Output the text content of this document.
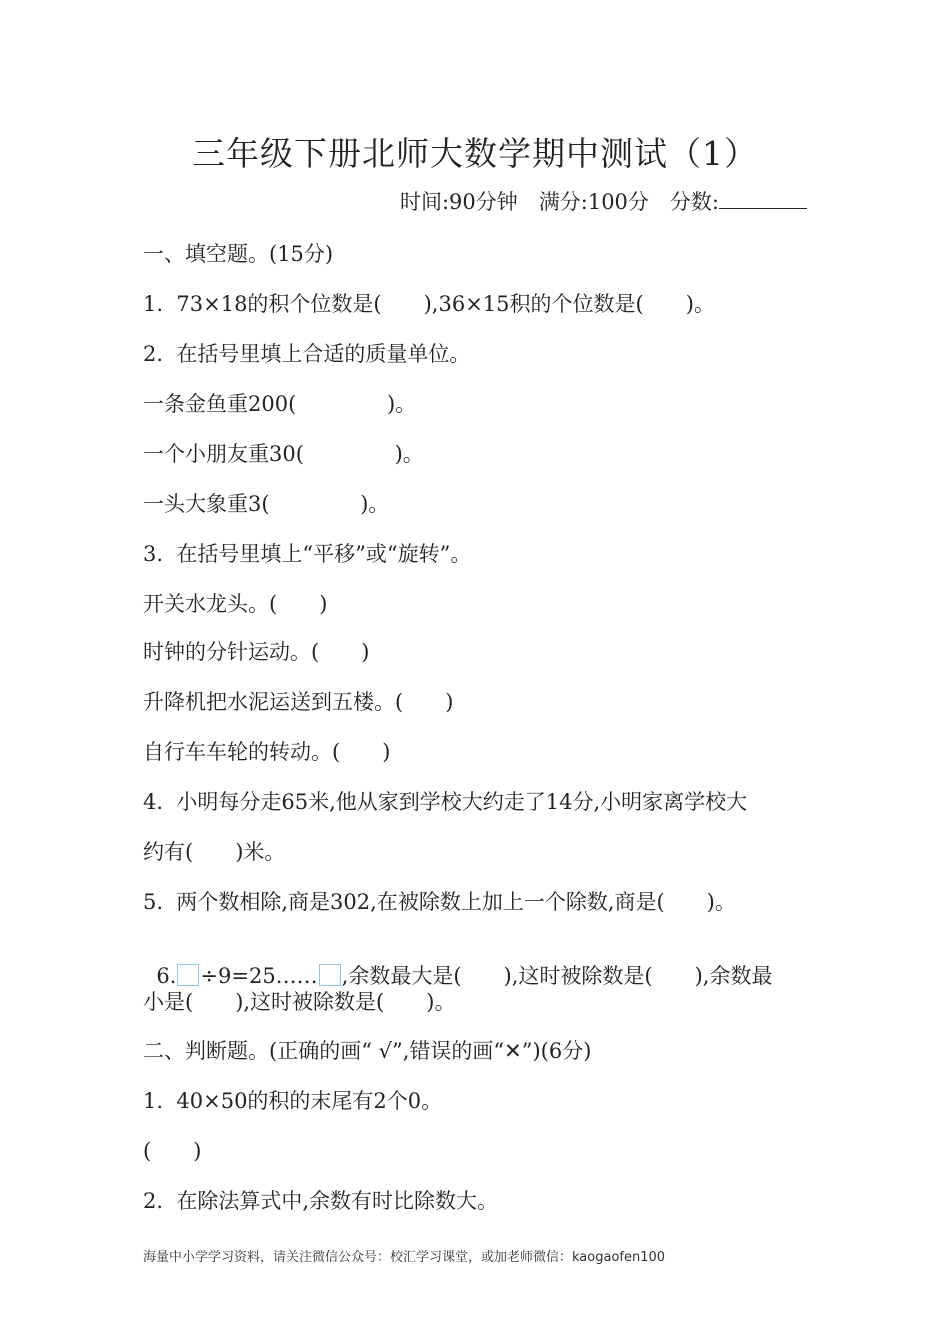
三年级下册北师大数学期中测试（1）
时间:90分钟　满分:100分　分数:
一、填空题。(15分)
1.  73×18的积个位数是(　　),36×15积的个位数是(　　)。
2.  在括号里填上合适的质量单位。
一条金鱼重200(　　　　 )。
一个小朋友重30(　　　　 )。
一头大象重3(　　　　 )。
3.  在括号里填上“平移”或“旋转”。
开关水龙头。(　　)
时钟的分针运动。(　　)
升降机把水泥运送到五楼。(　　)
自行车车轮的转动。(　　)
4.  小明每分走65米,他从家到学校大约走了14分,小明家离学校大
约有(　　)米。
5.  两个数相除,商是302,在被除数上加上一个除数,商是(　　)。

6. ÷9=25…… ,余数最大是(　　),这时被除数是(　　),余数最

小是(　　),这时被除数是(　　)。
二、判断题。(正确的画“ √”,错误的画“✕”)(6分)
1.  40×50的积的末尾有2个0。
(　　)
2.  在除法算式中,余数有时比除数大。
海量中小学学习资料，请关注微信公众号：校汇学习课堂，或加老师微信：kaogaofen100
